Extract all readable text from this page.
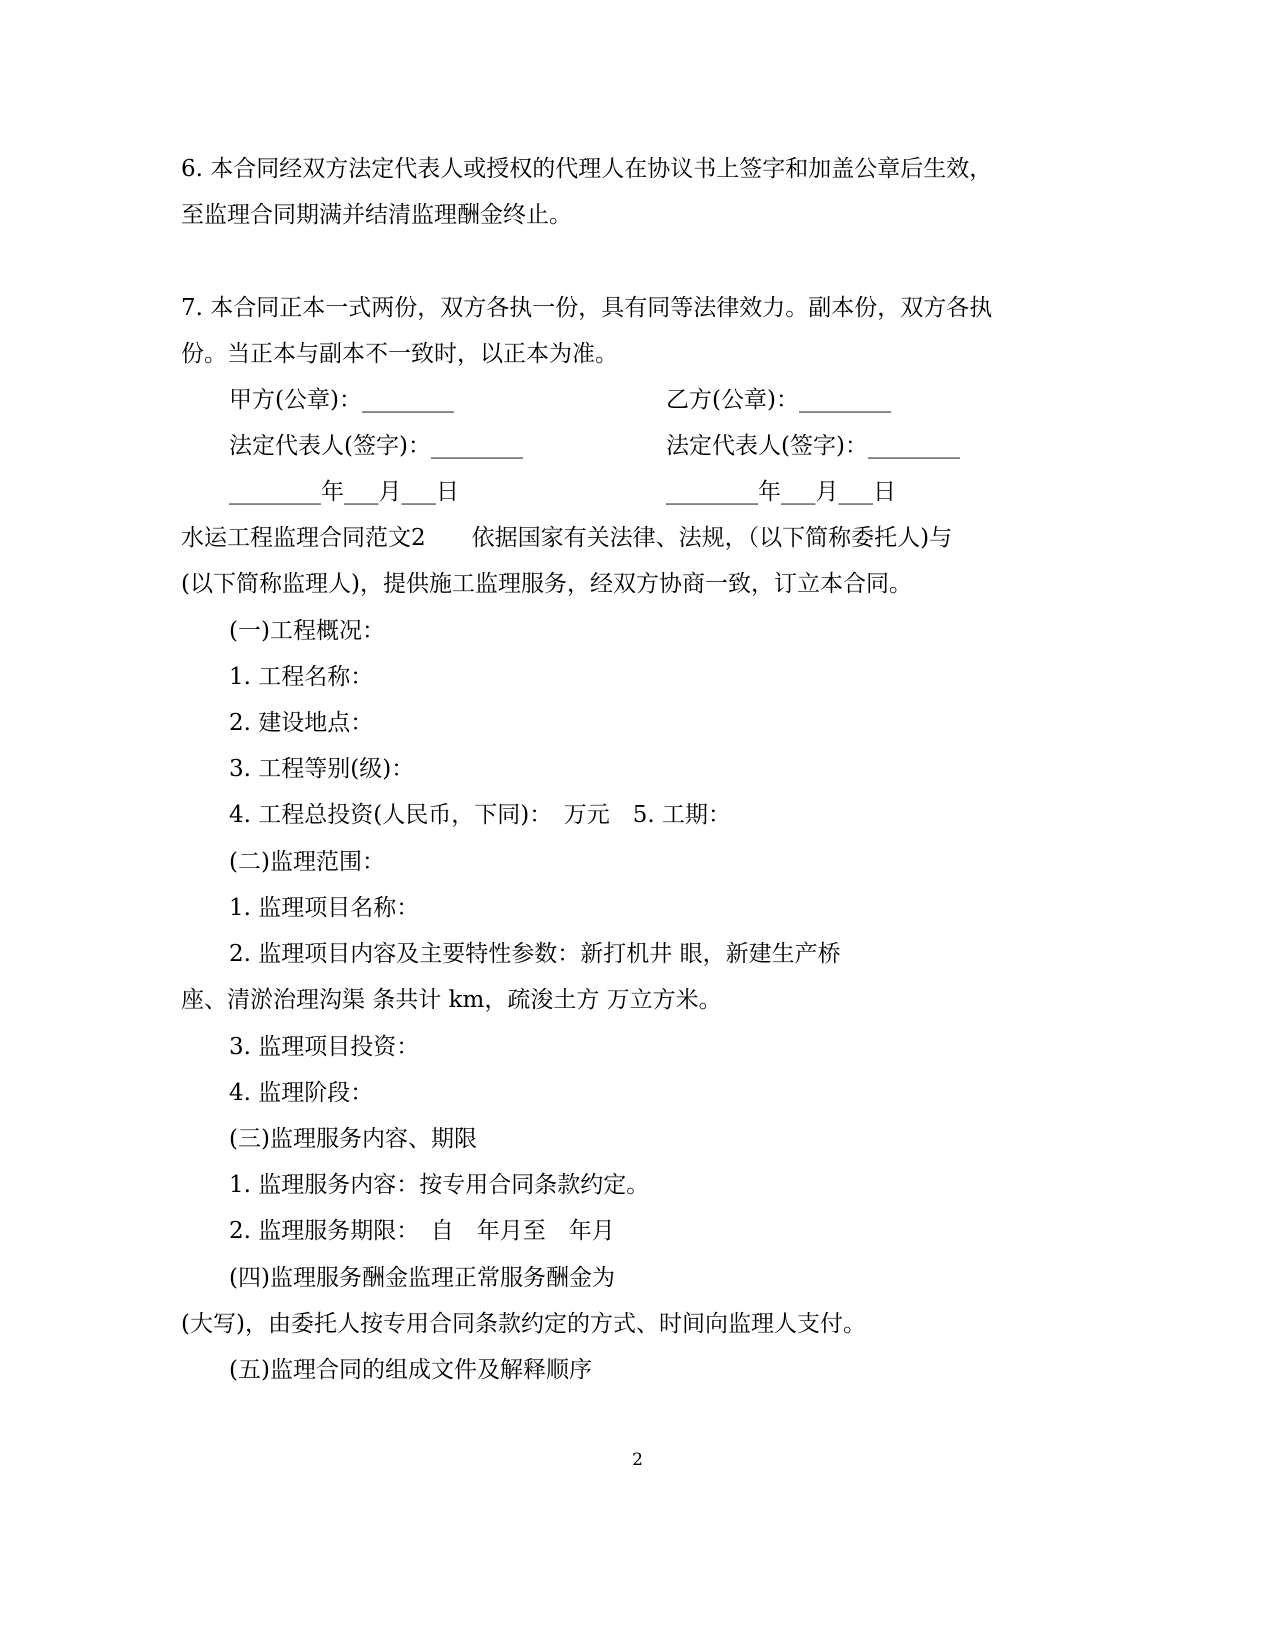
6. 本合同经双方法定代表人或授权的代理人在协议书上签字和加盖公章后生效，

至监理合同期满并结清监理酬金终止。

7. 本合同正本一式两份，双方各执一份，具有同等法律效力。副本份，双方各执

份。当正本与副本不一致时，以正本为准。

甲方(公章)：________	乙方(公章)：________

法定代表人(签字)：________	法定代表人(签字)：________

________年___月___日	________年___月___日

水运工程监理合同范文2　　依据国家有关法律、法规，（以下简称委托人)与

(以下简称监理人)，提供施工监理服务，经双方协商一致，订立本合同。

(一)工程概况：

1. 工程名称：

2. 建设地点：

3. 工程等别(级)：

4. 工程总投资(人民币，下同)：　万元　5. 工期：

(二)监理范围：

1. 监理项目名称：

2. 监理项目内容及主要特性参数：新打机井 眼，新建生产桥

座、清淤治理沟渠 条共计 km，疏浚土方 万立方米。

3. 监理项目投资：

4. 监理阶段：

(三)监理服务内容、期限

1. 监理服务内容：按专用合同条款约定。

2. 监理服务期限：　自　年月至　年月

(四)监理服务酬金监理正常服务酬金为

(大写)，由委托人按专用合同条款约定的方式、时间向监理人支付。

(五)监理合同的组成文件及解释顺序

2
